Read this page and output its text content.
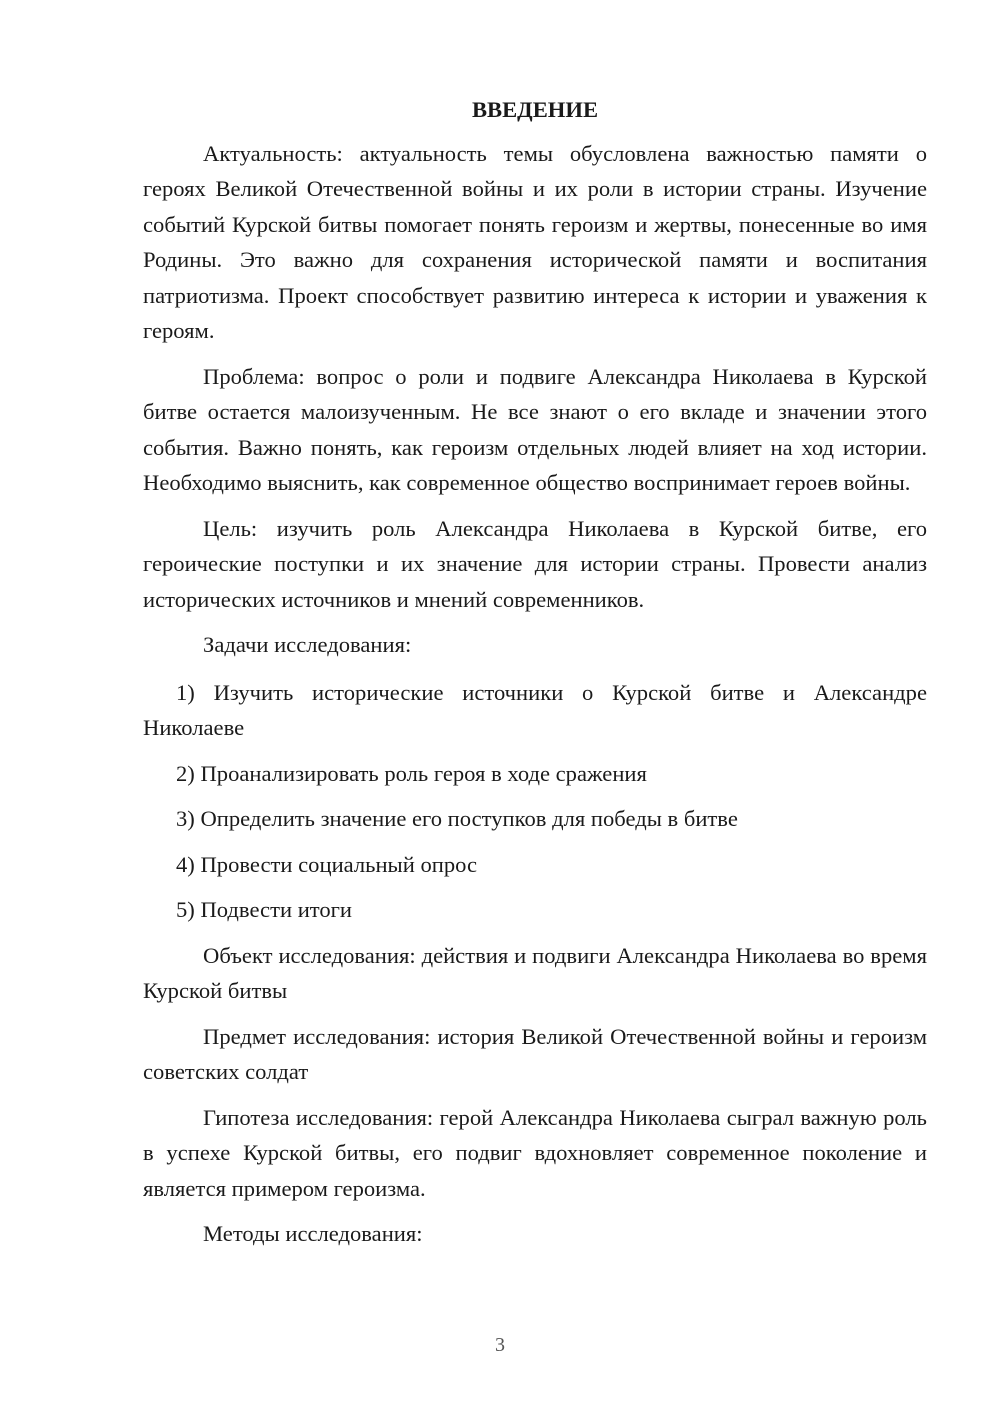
ВВЕДЕНИЕ

Актуальность: актуальность темы обусловлена важностью памяти о героях Великой Отечественной войны и их роли в истории страны. Изучение событий Курской битвы помогает понять героизм и жертвы, понесенные во имя Родины. Это важно для сохранения исторической памяти и воспитания патриотизма. Проект способствует развитию интереса к истории и уважения к героям.

Проблема: вопрос о роли и подвиге Александра Николаева в Курской битве остается малоизученным. Не все знают о его вкладе и значении этого события. Важно понять, как героизм отдельных людей влияет на ход истории. Необходимо выяснить, как современное общество воспринимает героев войны.

Цель: изучить роль Александра Николаева в Курской битве, его героические поступки и их значение для истории страны. Провести анализ исторических источников и мнений современников.

Задачи исследования:

1) Изучить исторические источники о Курской битве и Александре Николаеве

2) Проанализировать роль героя в ходе сражения

3) Определить значение его поступков для победы в битве

4) Провести социальный опрос

5) Подвести итоги

Объект исследования: действия и подвиги Александра Николаева во время Курской битвы

Предмет исследования: история Великой Отечественной войны и героизм советских солдат

Гипотеза исследования: герой Александра Николаева сыграл важную роль в успехе Курской битвы, его подвиг вдохновляет современное поколение и является примером героизма.

Методы исследования:

3
